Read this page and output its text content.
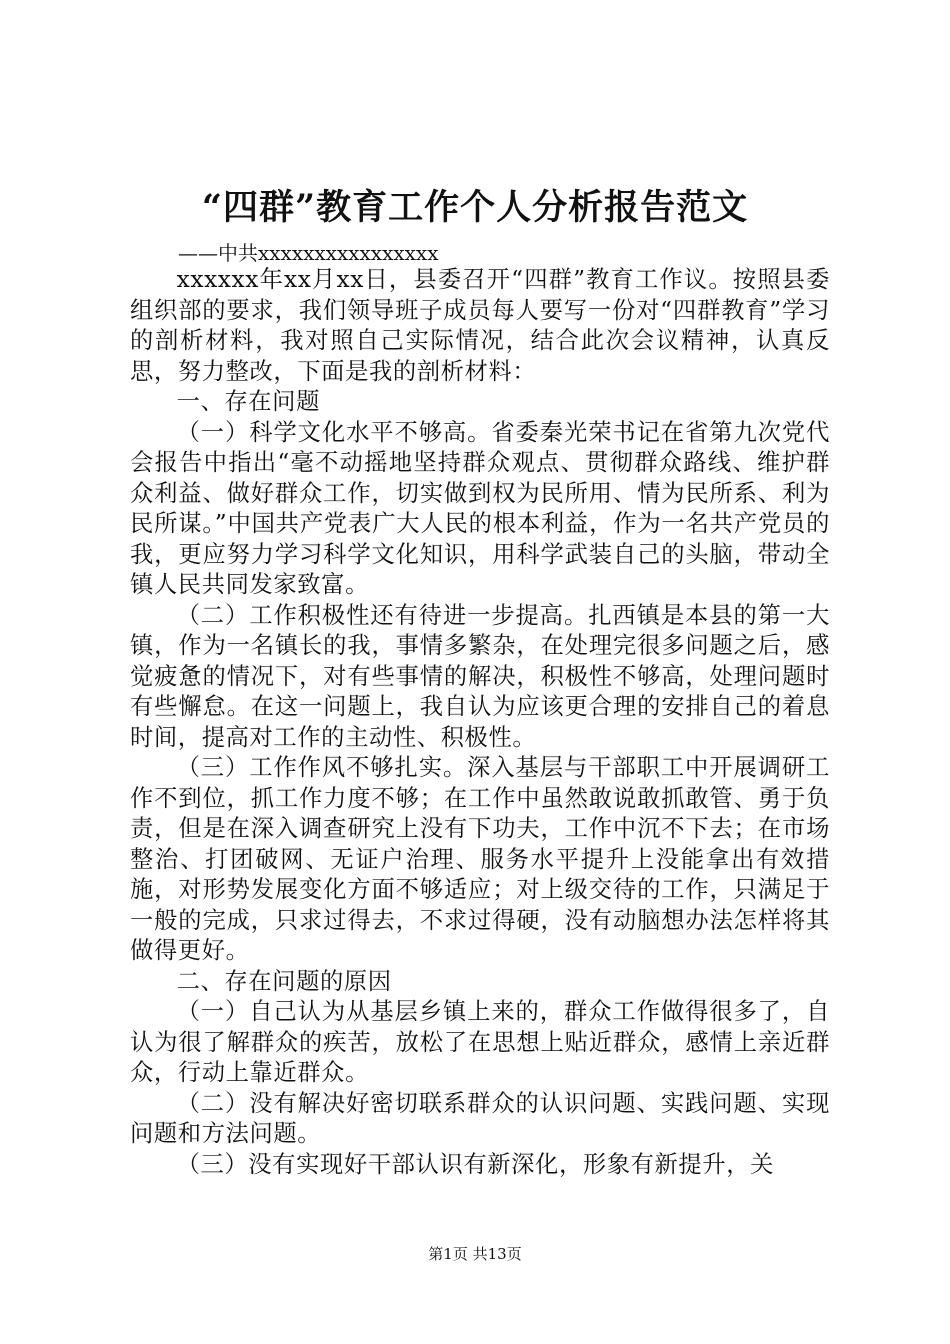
“四群”教育工作个人分析报告范文
——中共xxxxxxxxxxxxxxxx

xxxxxx年xx月xx日，县委召开“四群”教育工作议。按照县委组织部的要求，我们领导班子成员每人要写一份对“四群教育”学习的剖析材料，我对照自己实际情况，结合此次会议精神，认真反思，努力整改，下面是我的剖析材料：

一、存在问题

（一）科学文化水平不够高。省委秦光荣书记在省第九次党代会报告中指出“毫不动摇地坚持群众观点、贯彻群众路线、维护群众利益、做好群众工作，切实做到权为民所用、情为民所系、利为民所谋。”中国共产党表广大人民的根本利益，作为一名共产党员的我，更应努力学习科学文化知识，用科学武装自己的头脑，带动全镇人民共同发家致富。

（二）工作积极性还有待进一步提高。扎西镇是本县的第一大镇，作为一名镇长的我，事情多繁杂，在处理完很多问题之后，感觉疲惫的情况下，对有些事情的解决，积极性不够高，处理问题时有些懈怠。在这一问题上，我自认为应该更合理的安排自己的着息时间，提高对工作的主动性、积极性。

（三）工作作风不够扎实。深入基层与干部职工中开展调研工作不到位，抓工作力度不够；在工作中虽然敢说敢抓敢管、勇于负责，但是在深入调查研究上没有下功夫，工作中沉不下去；在市场整治、打团破网、无证户治理、服务水平提升上没能拿出有效措施，对形势发展变化方面不够适应；对上级交待的工作，只满足于一般的完成，只求过得去，不求过得硬，没有动脑想办法怎样将其做得更好。

二、存在问题的原因

（一）自己认为从基层乡镇上来的，群众工作做得很多了，自认为很了解群众的疾苦，放松了在思想上贴近群众，感情上亲近群众，行动上靠近群众。

（二）没有解决好密切联系群众的认识问题、实践问题、实现问题和方法问题。

（三）没有实现好干部认识有新深化，形象有新提升，关

第1页 共13页
